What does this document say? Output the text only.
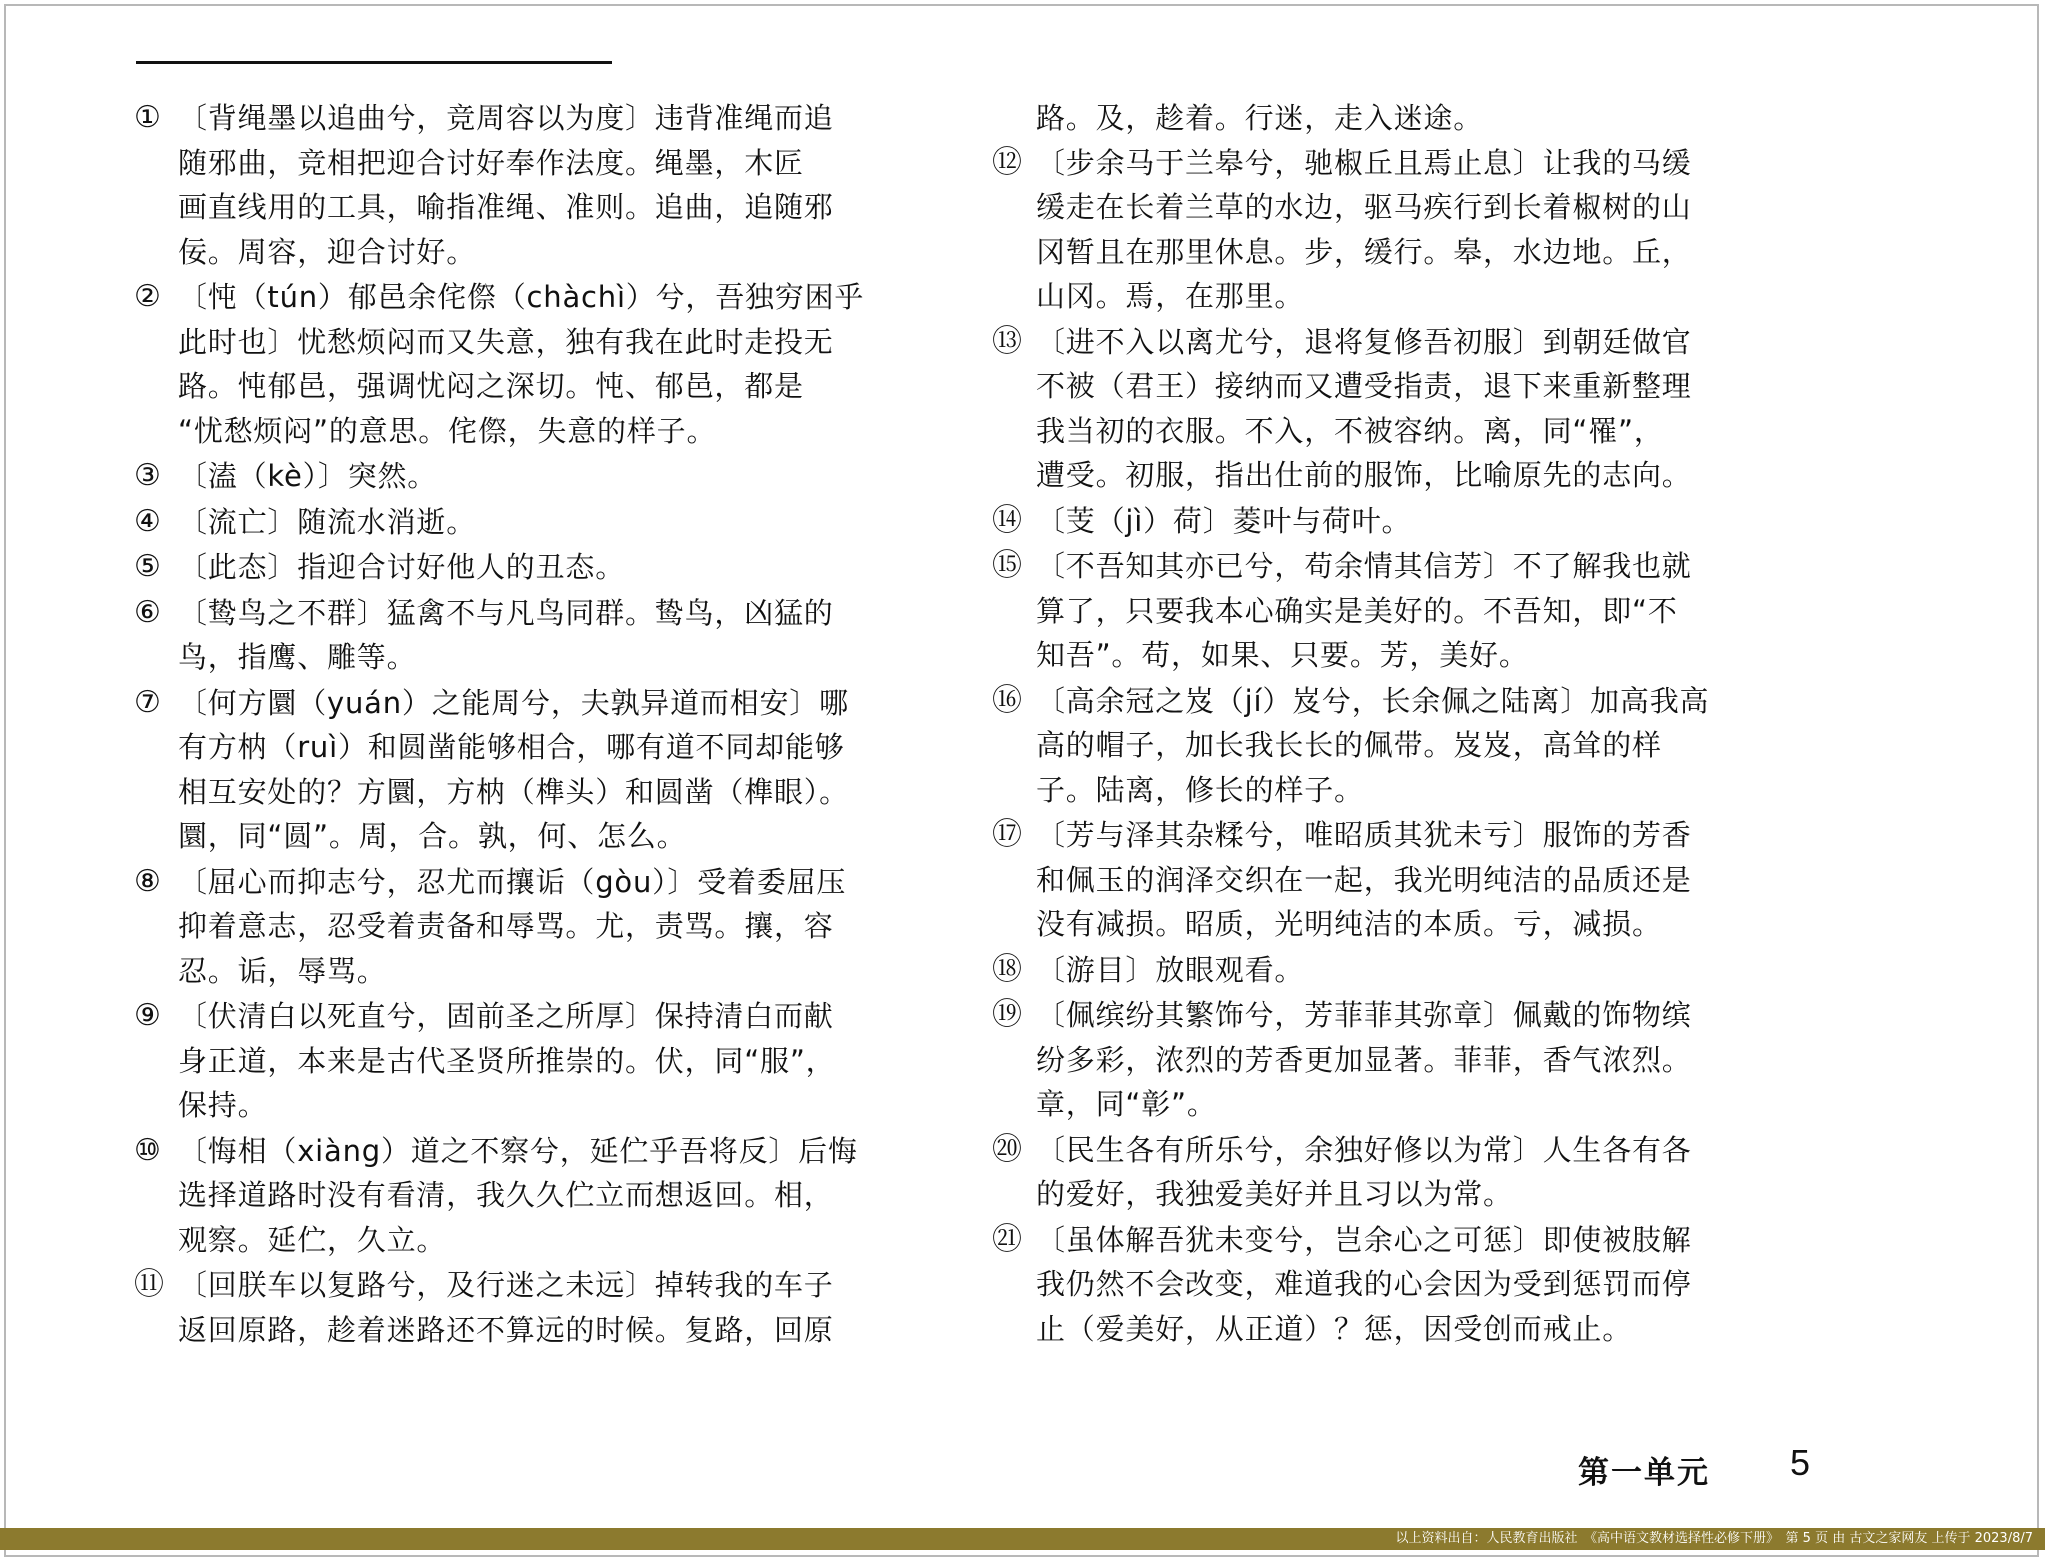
① 〔背绳墨以追曲兮，竞周容以为度〕违背准绳而追
随邪曲，竞相把迎合讨好奉作法度。绳墨，木匠
画直线用的工具，喻指准绳、准则。追曲，追随邪
佞。周容，迎合讨好。
② 〔忳（tún）郁邑余侘傺（chàchì）兮，吾独穷困乎
此时也〕忧愁烦闷而又失意，独有我在此时走投无
路。忳郁邑，强调忧闷之深切。忳、郁邑，都是
“忧愁烦闷”的意思。侘傺，失意的样子。
③ 〔溘（kè）〕突然。
④ 〔流亡〕随流水消逝。
⑤ 〔此态〕指迎合讨好他人的丑态。
⑥ 〔鸷鸟之不群〕猛禽不与凡鸟同群。鸷鸟，凶猛的
鸟，指鹰、雕等。
⑦ 〔何方圜（yuán）之能周兮，夫孰异道而相安〕哪
有方枘（ruì）和圆凿能够相合，哪有道不同却能够
相互安处的？方圜，方枘（榫头）和圆凿（榫眼）。
圜，同“圆”。周，合。孰，何、怎么。
⑧ 〔屈心而抑志兮，忍尤而攘诟（gòu）〕受着委屈压
抑着意志，忍受着责备和辱骂。尤，责骂。攘，容
忍。诟，辱骂。
⑨ 〔伏清白以死直兮，固前圣之所厚〕保持清白而献
身正道，本来是古代圣贤所推崇的。伏，同“服”，
保持。
⑩ 〔悔相（xiàng）道之不察兮，延伫乎吾将反〕后悔
选择道路时没有看清，我久久伫立而想返回。相，
观察。延伫，久立。
⑪ 〔回朕车以复路兮，及行迷之未远〕掉转我的车子
返回原路，趁着迷路还不算远的时候。复路，回原
路。及，趁着。行迷，走入迷途。
⑫ 〔步余马于兰皋兮，驰椒丘且焉止息〕让我的马缓
缓走在长着兰草的水边，驱马疾行到长着椒树的山
冈暂且在那里休息。步，缓行。皋，水边地。丘，
山冈。焉，在那里。
⑬ 〔进不入以离尤兮，退将复修吾初服〕到朝廷做官
不被（君王）接纳而又遭受指责，退下来重新整理
我当初的衣服。不入，不被容纳。离，同“罹”，
遭受。初服，指出仕前的服饰，比喻原先的志向。
⑭ 〔芰（jì）荷〕菱叶与荷叶。
⑮ 〔不吾知其亦已兮，苟余情其信芳〕不了解我也就
算了，只要我本心确实是美好的。不吾知，即“不
知吾”。苟，如果、只要。芳，美好。
⑯ 〔高余冠之岌（jí）岌兮，长余佩之陆离〕加高我高
高的帽子，加长我长长的佩带。岌岌，高耸的样
子。陆离，修长的样子。
⑰ 〔芳与泽其杂糅兮，唯昭质其犹未亏〕服饰的芳香
和佩玉的润泽交织在一起，我光明纯洁的品质还是
没有减损。昭质，光明纯洁的本质。亏，减损。
⑱ 〔游目〕放眼观看。
⑲ 〔佩缤纷其繁饰兮，芳菲菲其弥章〕佩戴的饰物缤
纷多彩，浓烈的芳香更加显著。菲菲，香气浓烈。
章，同“彰”。
⑳ 〔民生各有所乐兮，余独好修以为常〕人生各有各
的爱好，我独爱美好并且习以为常。
㉑ 〔虽体解吾犹未变兮，岂余心之可惩〕即使被肢解
我仍然不会改变，难道我的心会因为受到惩罚而停
止（爱美好，从正道）？惩，因受创而戒止。
第一单元 5
以上资料出自：人民教育出版社　《高中语文教材选择性必修下册》　第 5 页 由 古文之家网友 上传于 2023/8/7
